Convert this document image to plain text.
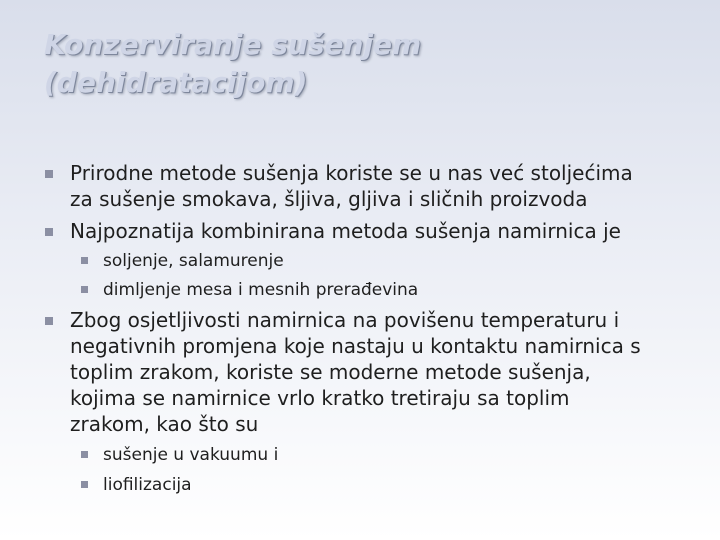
Konzerviranje sušenjem
(dehidratacijom)
Prirodne metode sušenja koriste se u nas već stoljećima
za sušenje smokava, šljiva, gljiva i sličnih proizvoda
Najpoznatija kombinirana metoda sušenja namirnica je
soljenje, salamurenje
dimljenje mesa i mesnih prerađevina
Zbog osjetljivosti namirnica na povišenu temperaturu i
negativnih promjena koje nastaju u kontaktu namirnica s
toplim zrakom, koriste se moderne metode sušenja,
kojima se namirnice vrlo kratko tretiraju sa toplim
zrakom, kao što su
sušenje u vakuumu i
liofilizacija
